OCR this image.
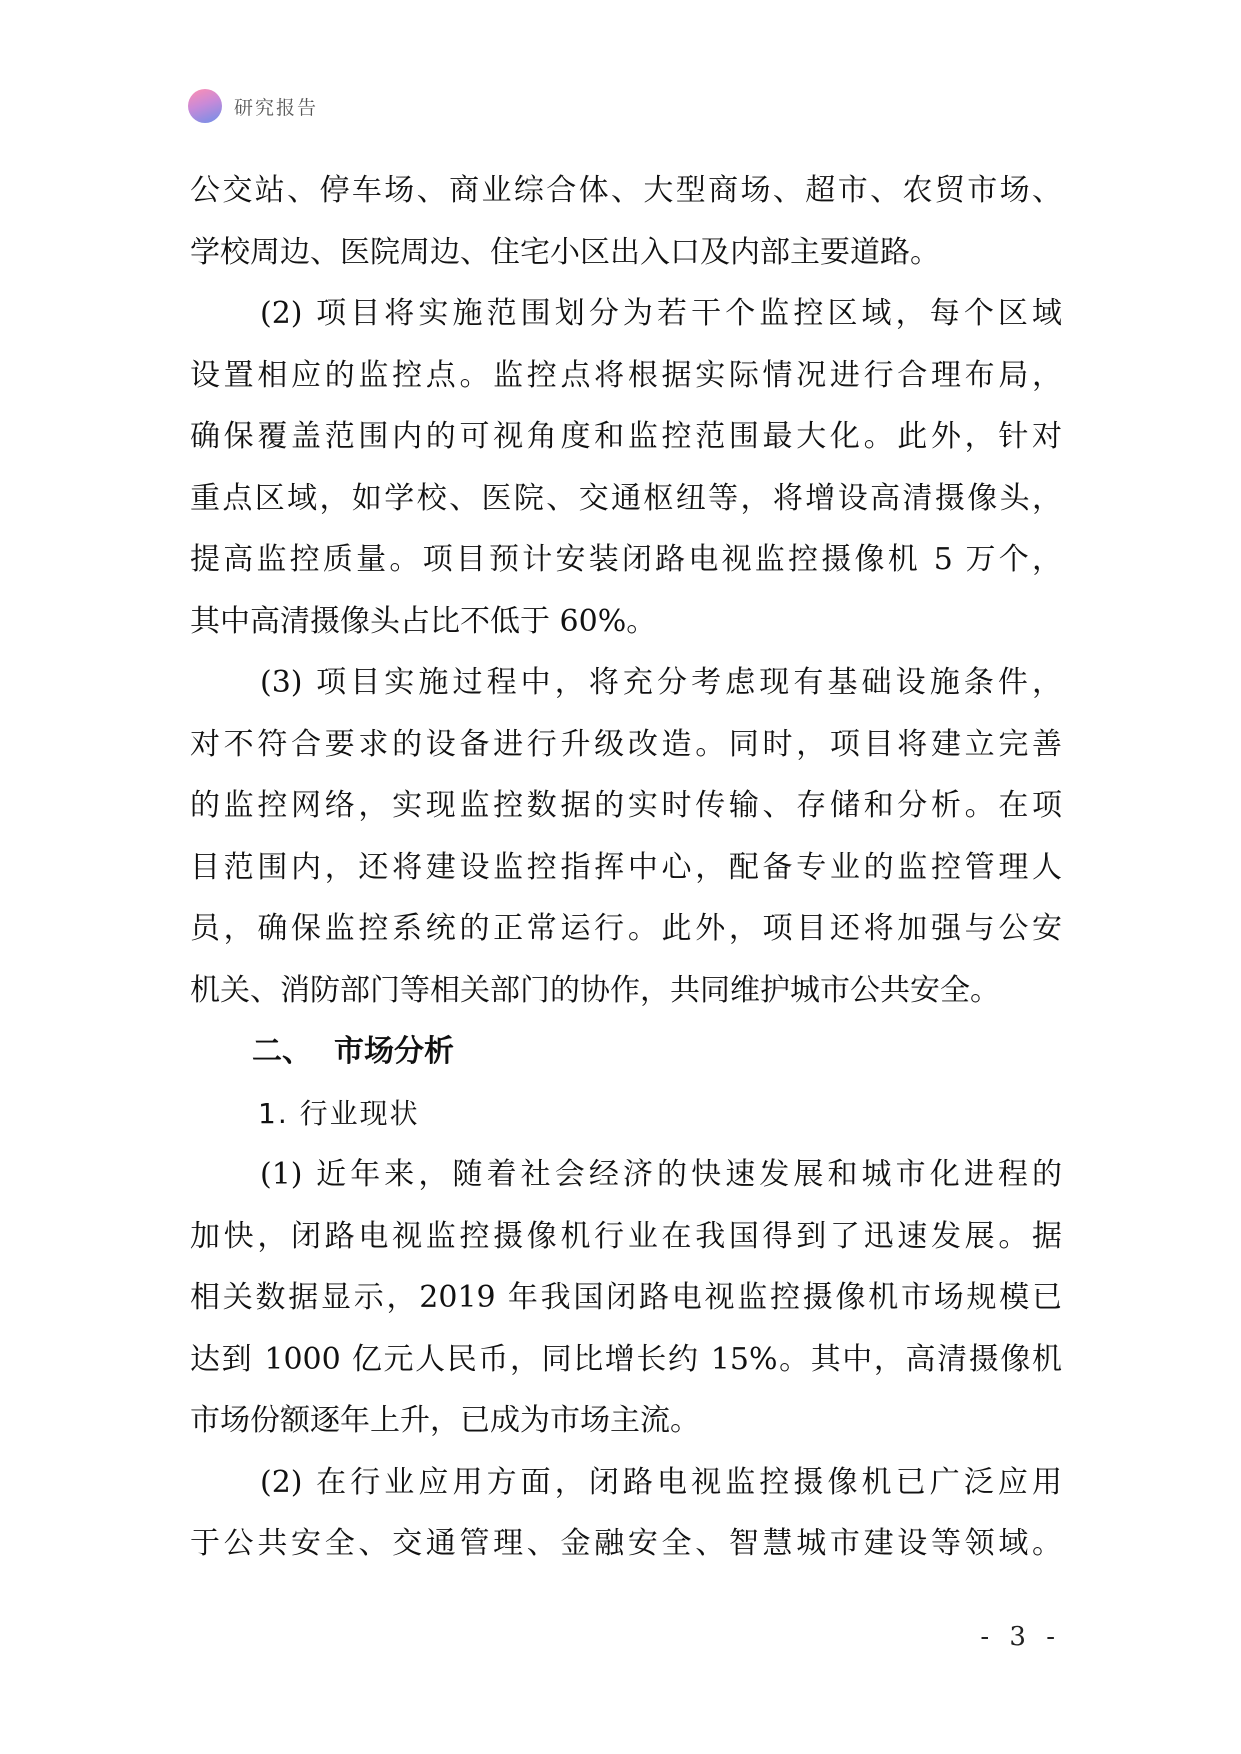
研究报告
公交站、停车场、商业综合体、大型商场、超市、农贸市场、
学校周边、医院周边、住宅小区出入口及内部主要道路。
(2) 项目将实施范围划分为若干个监控区域，每个区域
设置相应的监控点。监控点将根据实际情况进行合理布局，
确保覆盖范围内的可视角度和监控范围最大化。此外，针对
重点区域，如学校、医院、交通枢纽等，将增设高清摄像头，
提高监控质量。项目预计安装闭路电视监控摄像机 5 万个，
其中高清摄像头占比不低于 60%。
(3) 项目实施过程中，将充分考虑现有基础设施条件，
对不符合要求的设备进行升级改造。同时，项目将建立完善
的监控网络，实现监控数据的实时传输、存储和分析。在项
目范围内，还将建设监控指挥中心，配备专业的监控管理人
员，确保监控系统的正常运行。此外，项目还将加强与公安
机关、消防部门等相关部门的协作，共同维护城市公共安全。
二、 市场分析
1. 行业现状
(1) 近年来，随着社会经济的快速发展和城市化进程的
加快，闭路电视监控摄像机行业在我国得到了迅速发展。据
相关数据显示，2019 年我国闭路电视监控摄像机市场规模已
达到 1000 亿元人民币，同比增长约 15%。其中，高清摄像机
市场份额逐年上升，已成为市场主流。
(2) 在行业应用方面，闭路电视监控摄像机已广泛应用
于公共安全、交通管理、金融安全、智慧城市建设等领域。
- 3 -
